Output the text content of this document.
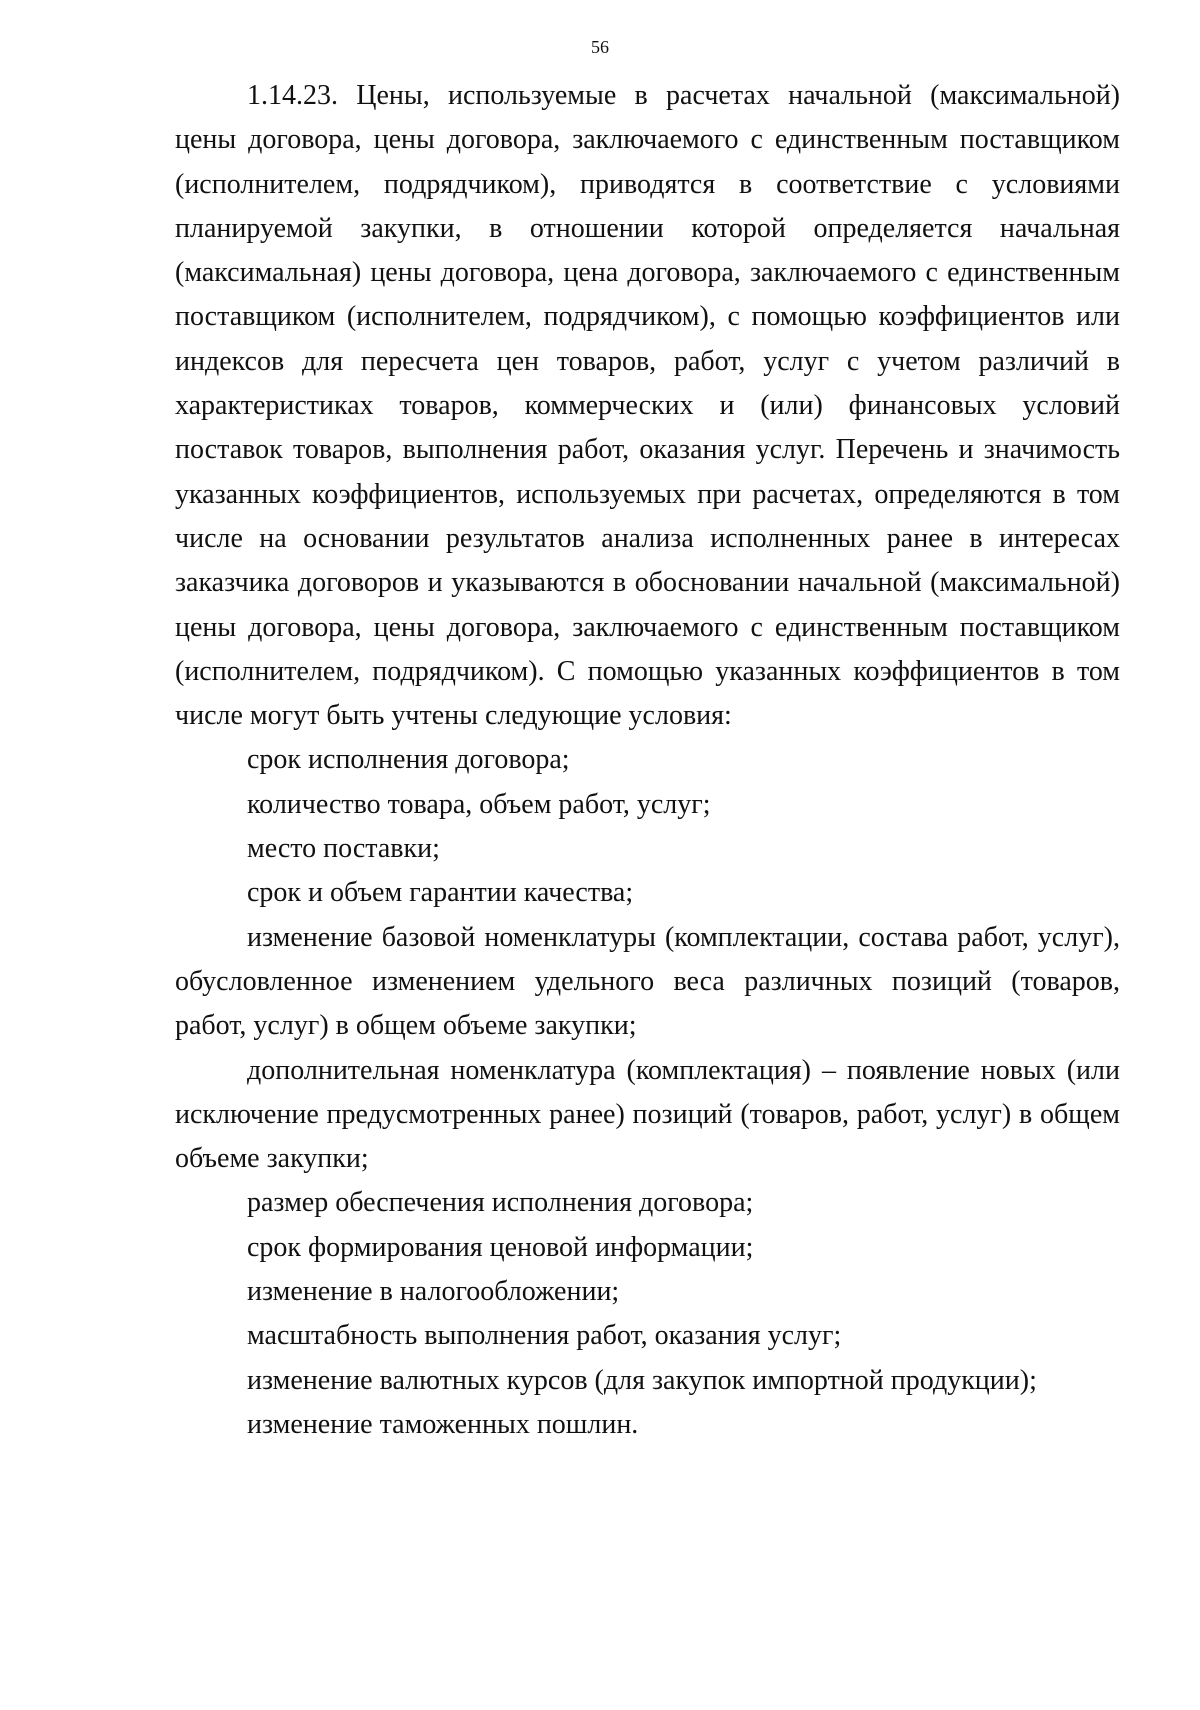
56

1.14.23. Цены, используемые в расчетах начальной (максимальной) цены договора, цены договора, заключаемого с единственным поставщиком (исполнителем, подрядчиком), приводятся в соответствие с условиями планируемой закупки, в отношении которой определяется начальная (максимальная) цены договора, цена договора, заключаемого с единственным поставщиком (исполнителем, подрядчиком), с помощью коэффициентов или индексов для пересчета цен товаров, работ, услуг с учетом различий в характеристиках товаров, коммерческих и (или) финансовых условий поставок товаров, выполнения работ, оказания услуг. Перечень и значимость указанных коэффициентов, используемых при расчетах, определяются в том числе на основании результатов анализа исполненных ранее в интересах заказчика договоров и указываются в обосновании начальной (максимальной) цены договора, цены договора, заключаемого с единственным поставщиком (исполнителем, подрядчиком). С помощью указанных коэффициентов в том числе могут быть учтены следующие условия:

срок исполнения договора;

количество товара, объем работ, услуг;

место поставки;

срок и объем гарантии качества;

изменение базовой номенклатуры (комплектации, состава работ, услуг), обусловленное изменением удельного веса различных позиций (товаров, работ, услуг) в общем объеме закупки;

дополнительная номенклатура (комплектация) – появление новых (или исключение предусмотренных ранее) позиций (товаров, работ, услуг) в общем объеме закупки;

размер обеспечения исполнения договора;

срок формирования ценовой информации;

изменение в налогообложении;

масштабность выполнения работ, оказания услуг;

изменение валютных курсов (для закупок импортной продукции);

изменение таможенных пошлин.
